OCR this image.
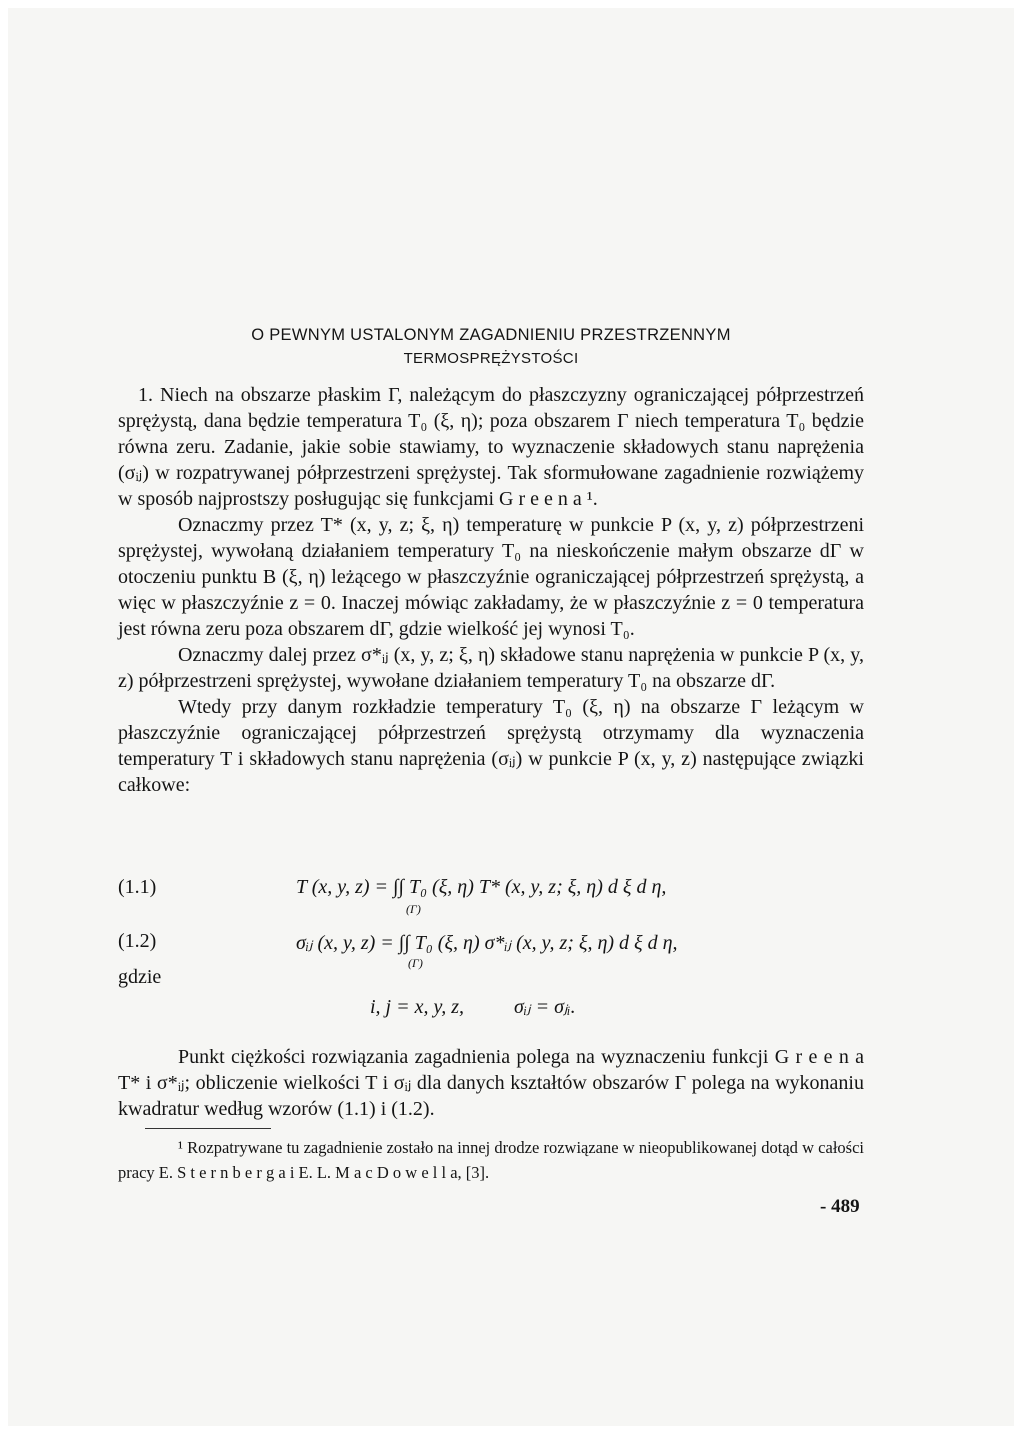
O PEWNYM USTALONYM ZAGADNIENIU PRZESTRZENNYM
TERMOSPRĘŻYSTOŚCI

1. Niech na obszarze płaskim Γ, należącym do płaszczyzny ograniczającej półprzestrzeń sprężystą, dana będzie temperatura T₀ (ξ, η); poza obszarem Γ niech temperatura T₀ będzie równa zeru. Zadanie, jakie sobie stawiamy, to wyznaczenie składowych stanu naprężenia (σᵢⱼ) w rozpatrywanej półprzestrzeni sprężystej. Tak sformułowane zagadnienie rozwiążemy w sposób najprostszy posługując się funkcjami G r e e n a ¹.

Oznaczmy przez T* (x, y, z; ξ, η) temperaturę w punkcie P (x, y, z) półprzestrzeni sprężystej, wywołaną działaniem temperatury T₀ na nieskończenie małym obszarze dΓ w otoczeniu punktu B (ξ, η) leżącego w płaszczyźnie ograniczającej półprzestrzeń sprężystą, a więc w płaszczyźnie z = 0. Inaczej mówiąc zakładamy, że w płaszczyźnie z = 0 temperatura jest równa zeru poza obszarem dΓ, gdzie wielkość jej wynosi T₀.

Oznaczmy dalej przez σ*ᵢⱼ (x, y, z; ξ, η) składowe stanu naprężenia w punkcie P (x, y, z) półprzestrzeni sprężystej, wywołane działaniem temperatury T₀ na obszarze dΓ.

Wtedy przy danym rozkładzie temperatury T₀ (ξ, η) na obszarze Γ leżącym w płaszczyźnie ograniczającej półprzestrzeń sprężystą otrzymamy dla wyznaczenia temperatury T i składowych stanu naprężenia (σᵢⱼ) w punkcie P (x, y, z) następujące związki całkowe:

(1.1)	T (x, y, z) = ∫∫ T₀ (ξ, η) T* (x, y, z; ξ, η) d ξ d η,
(Γ)
(1.2)	σᵢⱼ (x, y, z) = ∫∫ T₀ (ξ, η) σ*ᵢⱼ (x, y, z; ξ, η) d ξ d η,
(Γ)
gdzie
i, j = x, y, z,          σᵢⱼ = σⱼᵢ.

Punkt ciężkości rozwiązania zagadnienia polega na wyznaczeniu funkcji G r e e n a T* i σ*ᵢⱼ; obliczenie wielkości T i σᵢⱼ dla danych kształtów obszarów Γ polega na wykonaniu kwadratur według wzorów (1.1) i (1.2).

¹ Rozpatrywane tu zagadnienie zostało na innej drodze rozwiązane w nieopublikowanej dotąd w całości pracy E. S t e r n b e r g a i E. L. M a c D o w e l l a, [3].

- 489
